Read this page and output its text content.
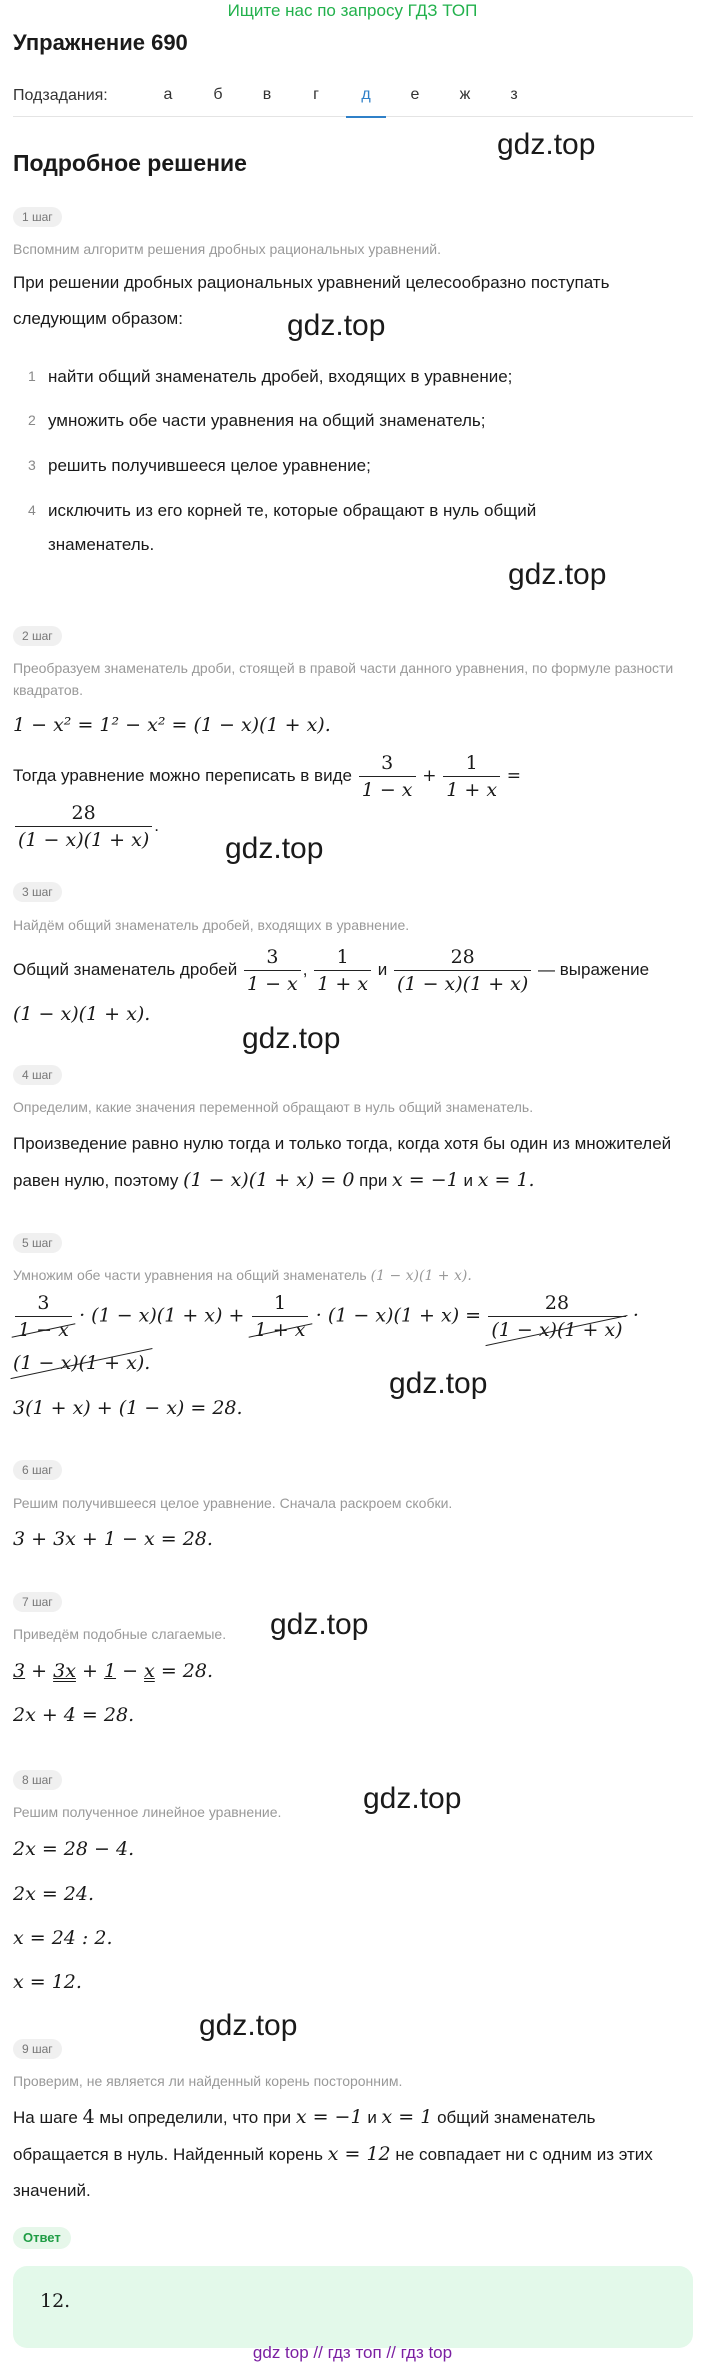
Ищите нас по запросу ГДЗ ТОП
Упражнение 690
Подзадания:	а	б	в	г	д	е	ж	з
gdz.top
gdz.top
gdz.top
gdz.top
gdz.top
gdz.top
gdz.top
gdz.top
gdz.top
Подробное решение
1 шаг
Вспомним алгоритм решения дробных рациональных уравнений.
При решении дробных рациональных уравнений целесообразно поступать следующим образом:
1 найти общий знаменатель дробей, входящих в уравнение;
2 умножить обе части уравнения на общий знаменатель;
3 решить получившееся целое уравнение;
4 исключить из его корней те, которые обращают в нуль общий знаменатель.
2 шаг
Преобразуем знаменатель дроби, стоящей в правой части данного уравнения, по формуле разности квадратов.
1 − x² = 1² − x² = (1 − x)(1 + x).
Тогда уравнение можно переписать в виде $\frac{3}{1 - x} + \frac{1}{1 + x}$ =
$\frac{28}{(1 - x)(1 + x)}$ .
3 шаг
Найдём общий знаменатель дробей, входящих в уравнение.
Общий знаменатель дробей $\frac{3}{1 - x}$ , $\frac{1}{1 + x}$ и $\frac{28}{(1 - x)(1 + x)}$ — выражение
(1 − x)(1 + x).
4 шаг
Определим, какие значения переменной обращают в нуль общий знаменатель.
Произведение равно нулю тогда и только тогда, когда хотя бы один из множителей равен нулю, поэтому (1 − x)(1 + x) = 0 при x = −1 и x = 1.
5 шаг
Умножим обе части уравнения на общий знаменатель (1 − x)(1 + x).
$\frac{3}{1 - x} \cdot (1 - x)(1 + x) + \frac{1}{1 + x} \cdot (1 - x)(1 + x) = \frac{28}{(1 - x)(1 + x)}$ ·
(1 − x)(1 + x).
3(1 + x) + (1 − x) = 28.
6 шаг
Решим получившееся целое уравнение. Сначала раскроем скобки.
3 + 3x + 1 − x = 28.
7 шаг
Приведём подобные слагаемые.
3 + 3x + 1 − x = 28.
2x + 4 = 28.
8 шаг
Решим полученное линейное уравнение.
2x = 28 − 4.
2x = 24.
x = 24 : 2.
x = 12.
9 шаг
Проверим, не является ли найденный корень посторонним.
На шаге 4 мы определили, что при x = −1 и x = 1 общий знаменатель обращается в нуль. Найденный корень x = 12 не совпадает ни с одним из этих значений.
Ответ
12.
gdz top // гдз топ // гдз top
